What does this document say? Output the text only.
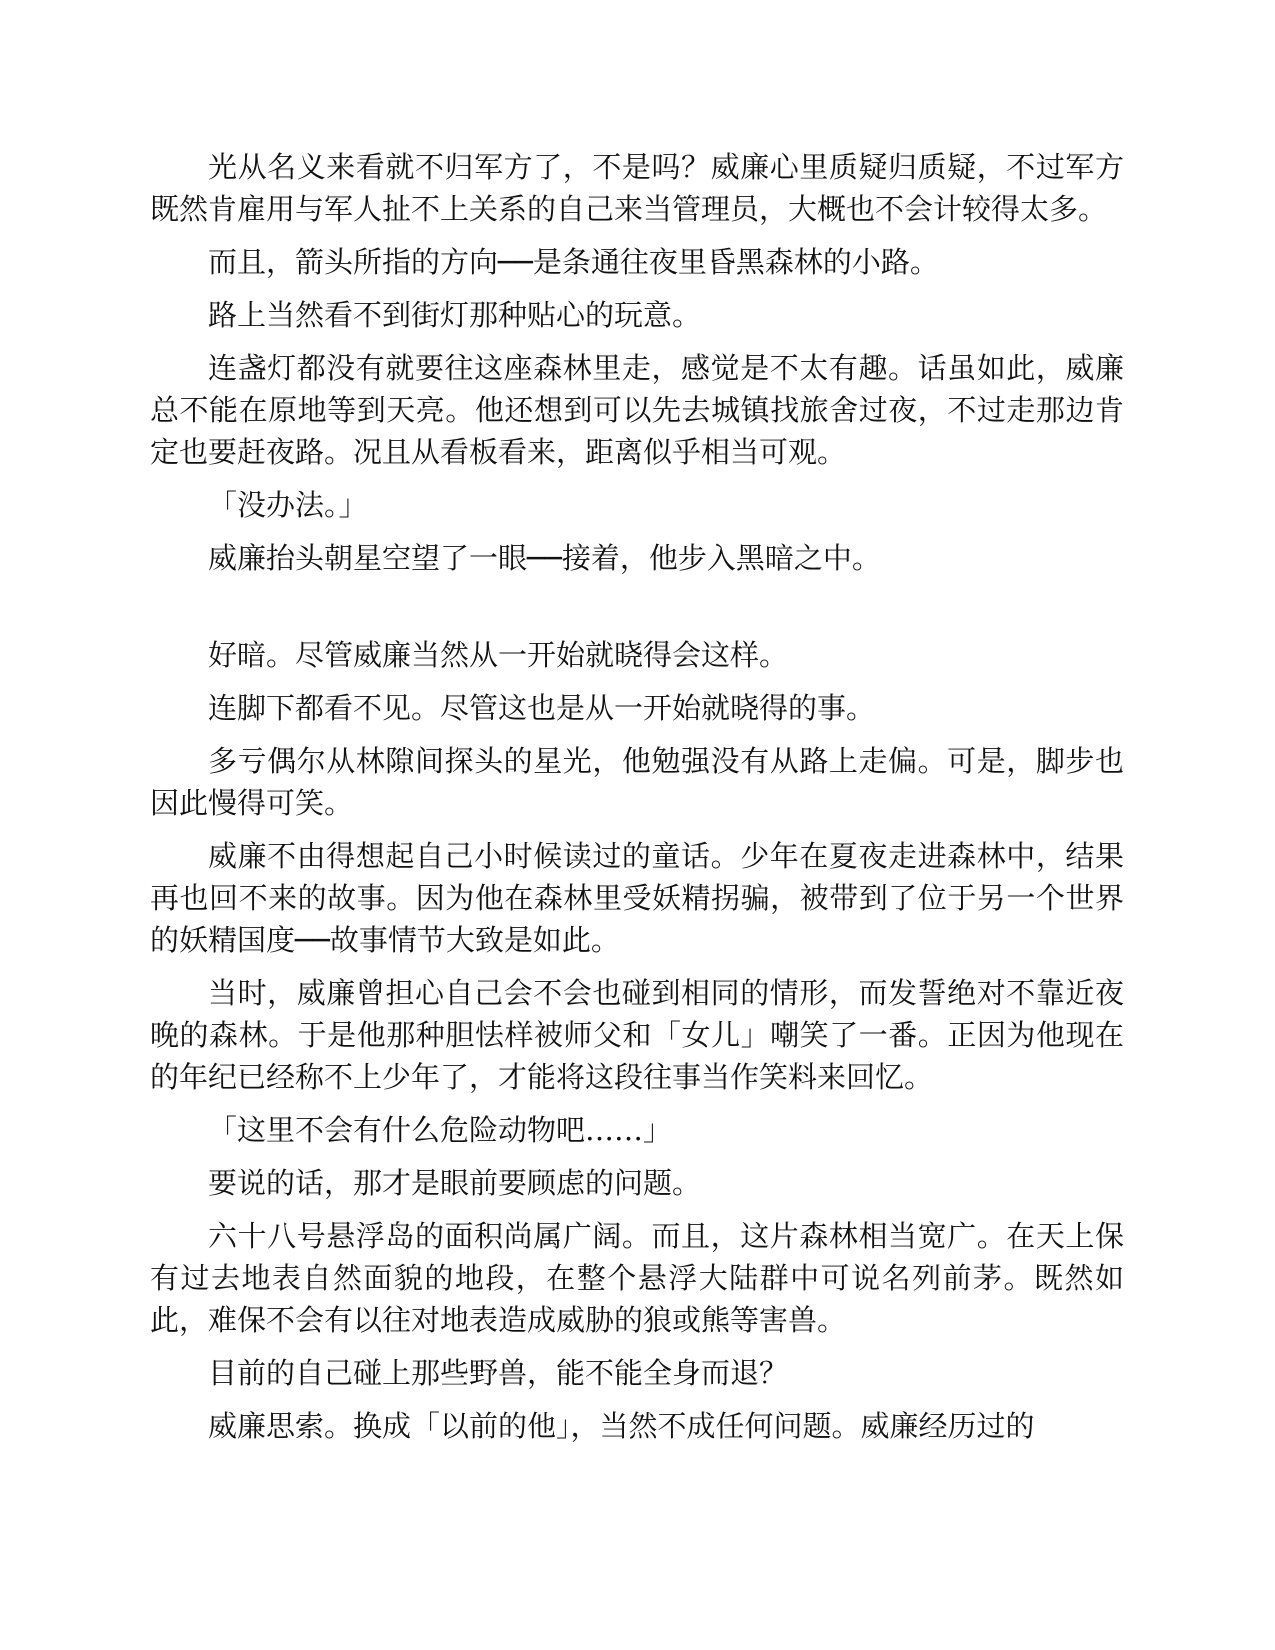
光从名义来看就不归军方了，不是吗？威廉心里质疑归质疑，不过军方既然肯雇用与军人扯不上关系的自己来当管理员，大概也不会计较得太多。

而且，箭头所指的方向──是条通往夜里昏黑森林的小路。

路上当然看不到街灯那种贴心的玩意。

连盏灯都没有就要往这座森林里走，感觉是不太有趣。话虽如此，威廉总不能在原地等到天亮。他还想到可以先去城镇找旅舍过夜，不过走那边肯定也要赶夜路。况且从看板看来，距离似乎相当可观。

「没办法。」

威廉抬头朝星空望了一眼──接着，他步入黑暗之中。

好暗。尽管威廉当然从一开始就晓得会这样。

连脚下都看不见。尽管这也是从一开始就晓得的事。

多亏偶尔从林隙间探头的星光，他勉强没有从路上走偏。可是，脚步也因此慢得可笑。

威廉不由得想起自己小时候读过的童话。少年在夏夜走进森林中，结果再也回不来的故事。因为他在森林里受妖精拐骗，被带到了位于另一个世界的妖精国度──故事情节大致是如此。

当时，威廉曾担心自己会不会也碰到相同的情形，而发誓绝对不靠近夜晚的森林。于是他那种胆怯样被师父和「女儿」嘲笑了一番。正因为他现在的年纪已经称不上少年了，才能将这段往事当作笑料来回忆。

「这里不会有什么危险动物吧……」

要说的话，那才是眼前要顾虑的问题。

六十八号悬浮岛的面积尚属广阔。而且，这片森林相当宽广。在天上保有过去地表自然面貌的地段，在整个悬浮大陆群中可说名列前茅。既然如此，难保不会有以往对地表造成威胁的狼或熊等害兽。

目前的自己碰上那些野兽，能不能全身而退？

威廉思索。换成「以前的他」，当然不成任何问题。威廉经历过的
